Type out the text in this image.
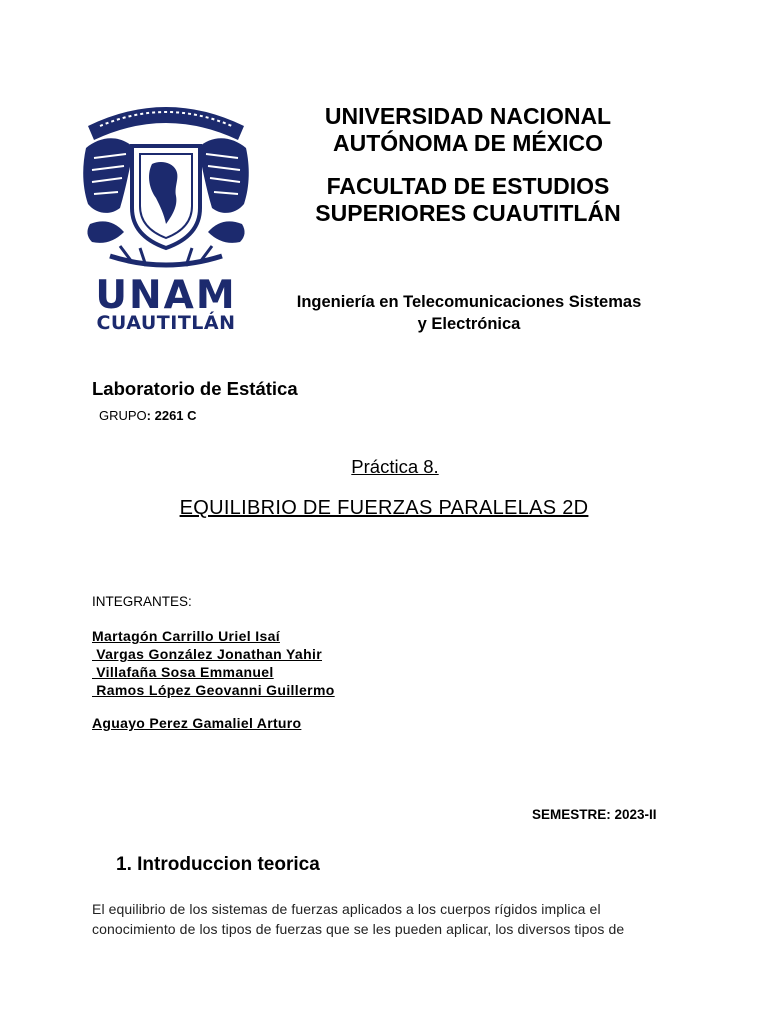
UNAM
CUAUTITLÁN
UNIVERSIDAD NACIONAL
AUTÓNOMA DE MÉXICO
FACULTAD DE ESTUDIOS
SUPERIORES CUAUTITLÁN
Ingeniería en Telecomunicaciones Sistemas
y Electrónica
Laboratorio de Estática
GRUPO: 2261 C
Práctica 8.
EQUILIBRIO DE FUERZAS PARALELAS 2D
INTEGRANTES:
Martagón Carrillo Uriel Isaí
Vargas González Jonathan Yahir
Villafaña Sosa Emmanuel
Ramos López Geovanni Guillermo
Aguayo Perez Gamaliel Arturo
SEMESTRE: 2023-II
1. Introduccion teorica
El equilibrio de los sistemas de fuerzas aplicados a los cuerpos rígidos implica el
conocimiento de los tipos de fuerzas que se les pueden aplicar, los diversos tipos de
